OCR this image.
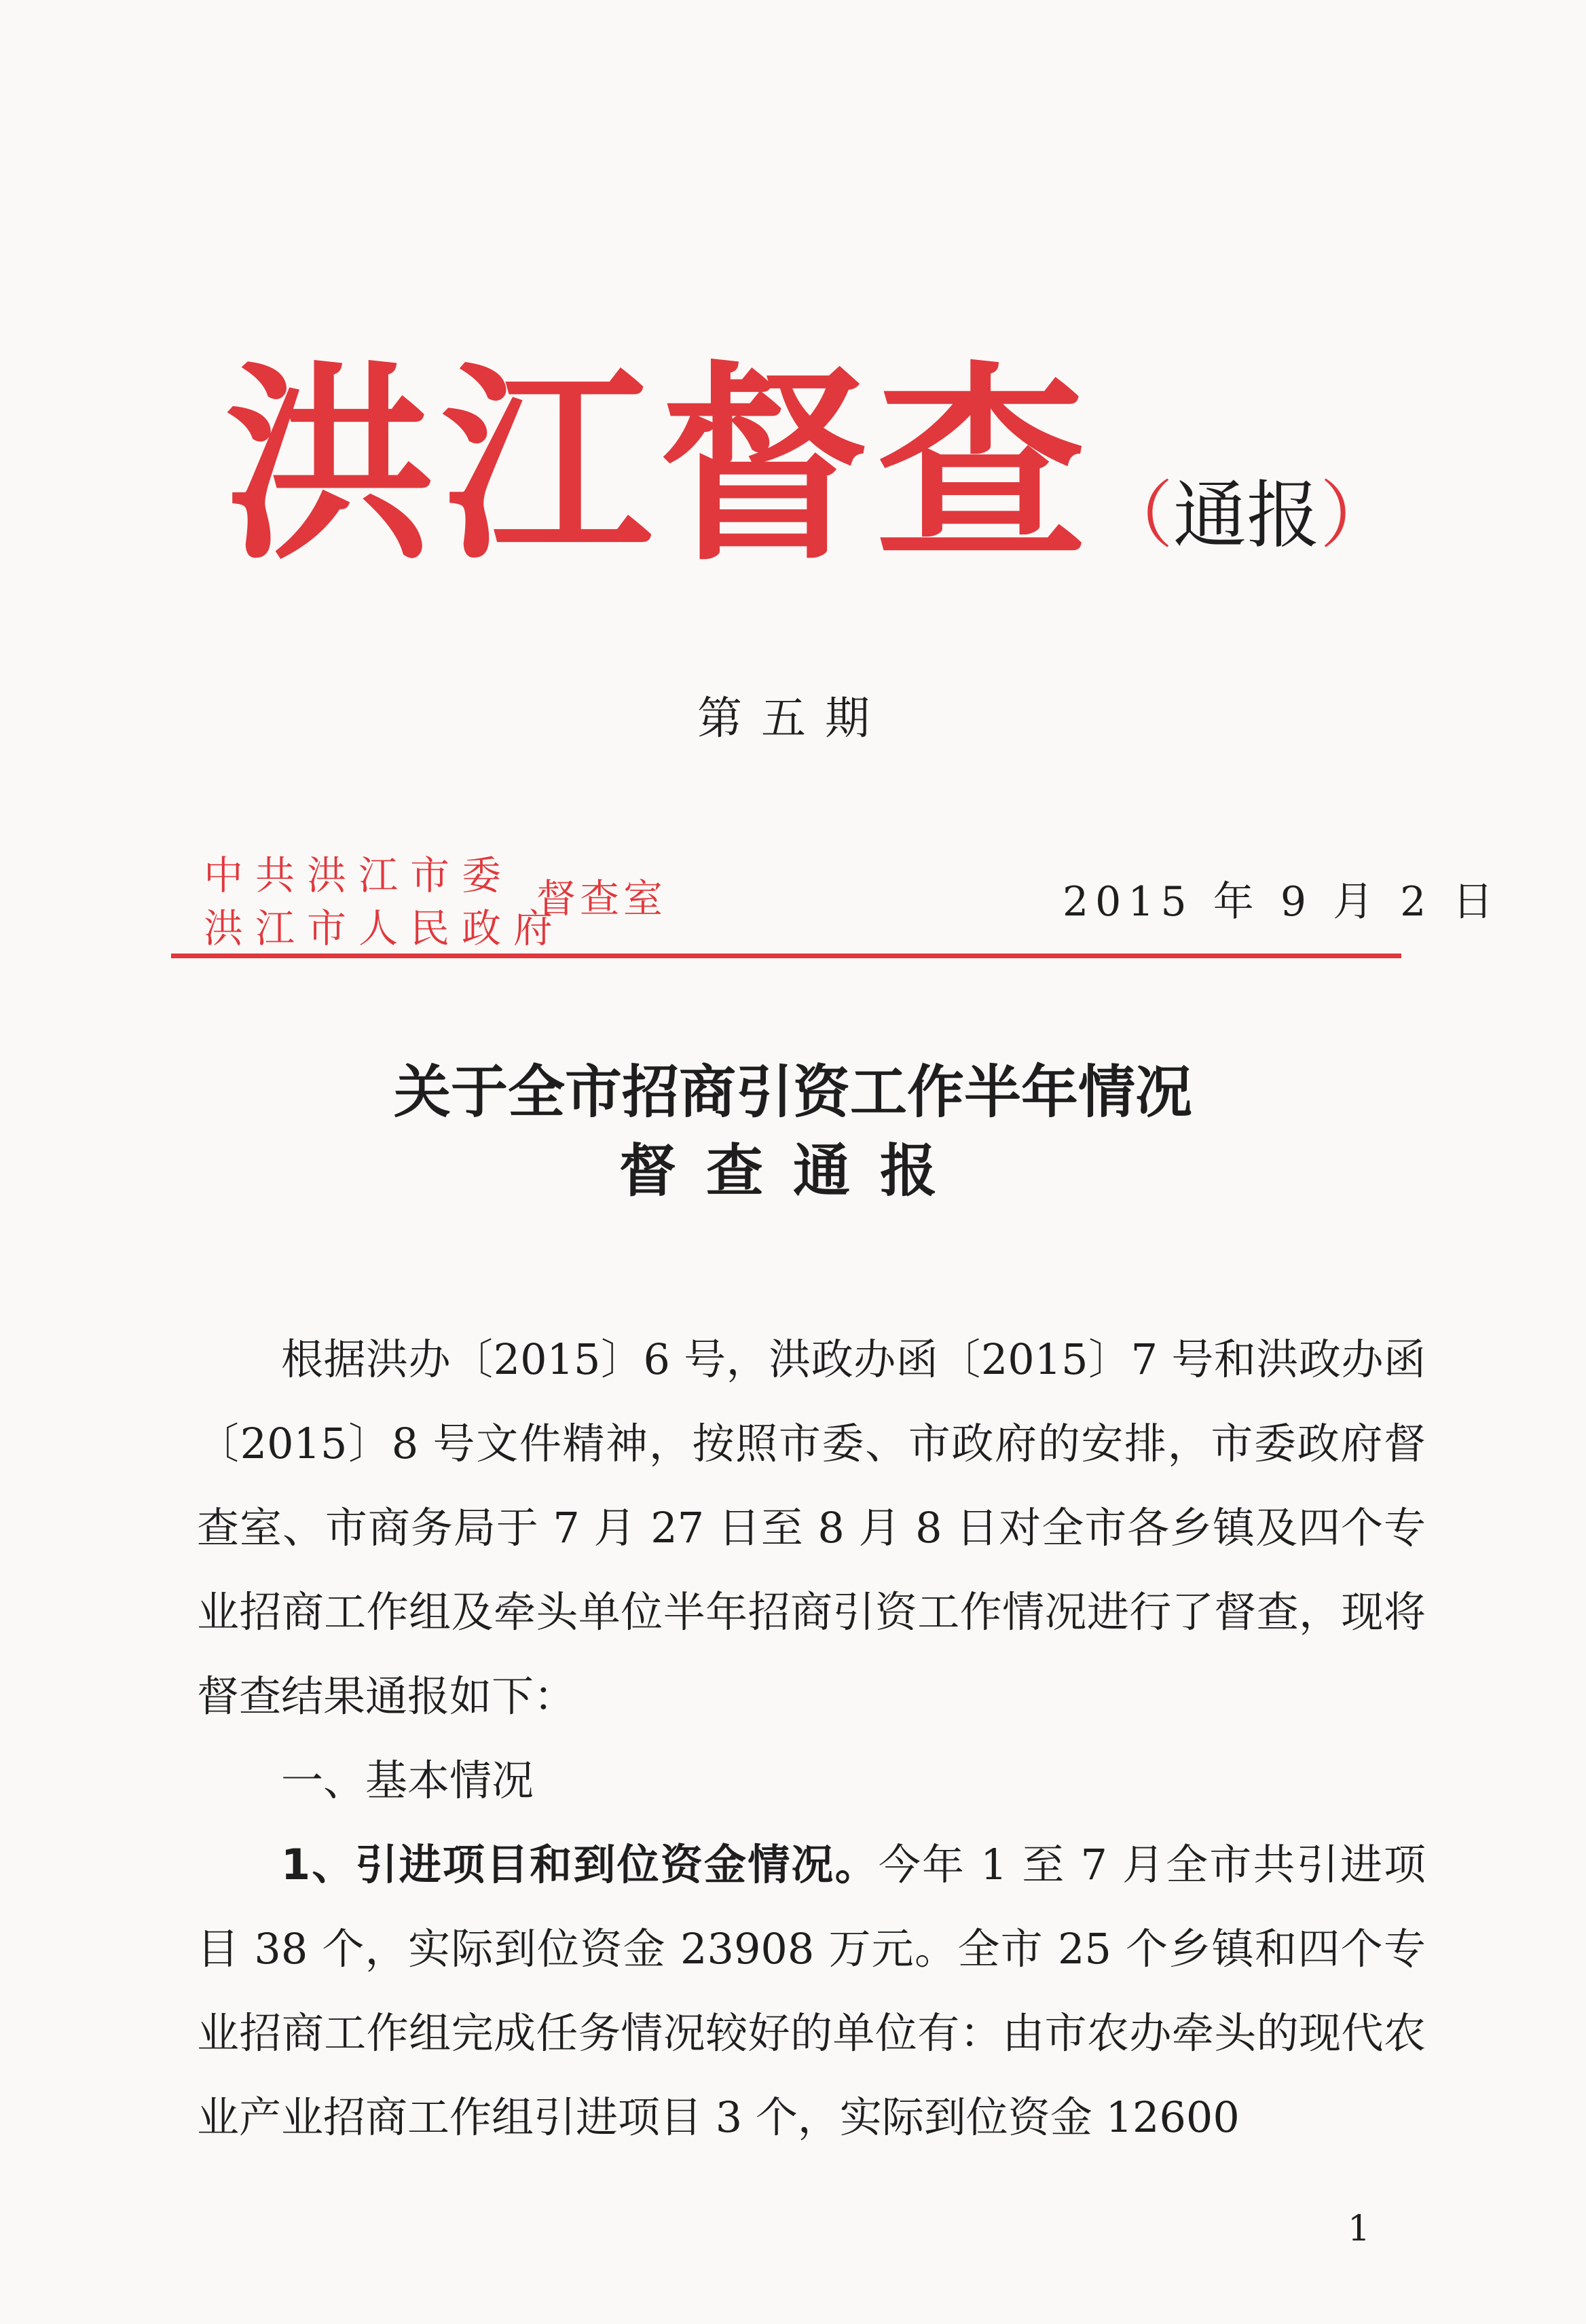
洪江督查 （通报）
第五期
中共洪江市委
洪江市人民政府
督查室	2015 年 9 月 2 日
关于全市招商引资工作半年情况
督查通报

根据洪办〔2015〕6 号，洪政办函〔2015〕7 号和洪政办函〔2015〕8 号文件精神，按照市委、市政府的安排，市委政府督查室、市商务局于 7 月 27 日至 8 月 8 日对全市各乡镇及四个专业招商工作组及牵头单位半年招商引资工作情况进行了督查，现将督查结果通报如下：

一、基本情况

1、引进项目和到位资金情况。今年 1 至 7 月全市共引进项目 38 个，实际到位资金 23908 万元。全市 25 个乡镇和四个专业招商工作组完成任务情况较好的单位有：由市农办牵头的现代农业产业招商工作组引进项目 3 个，实际到位资金 12600

1
